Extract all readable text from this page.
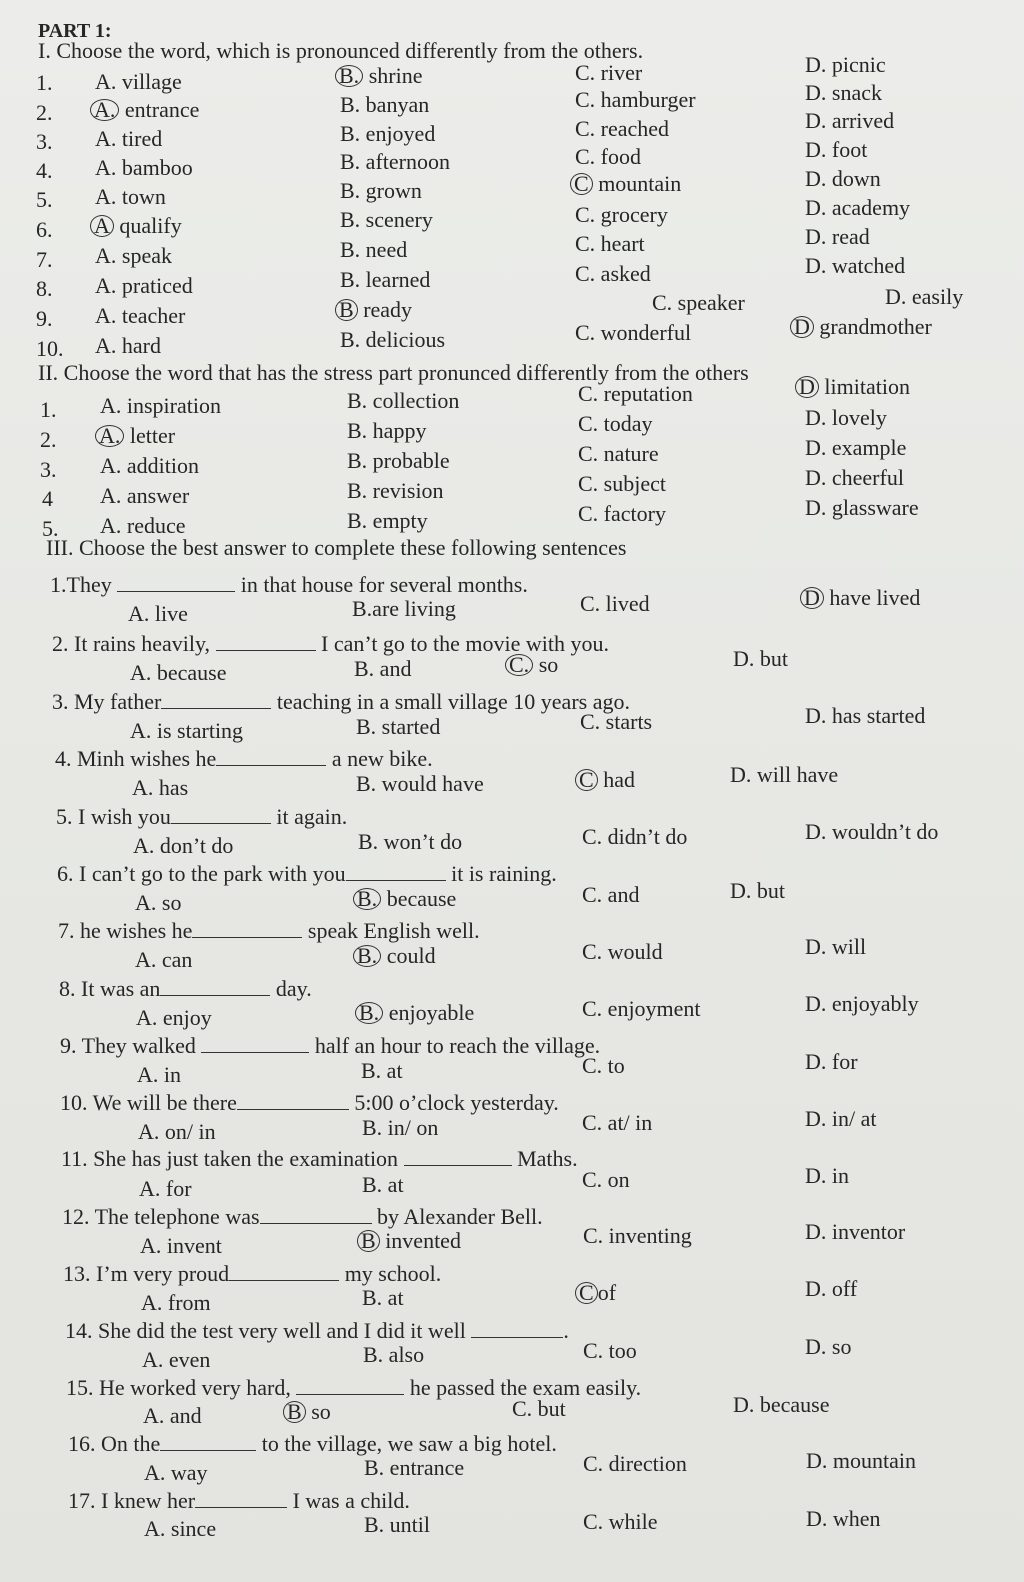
PART 1:
I. Choose the word, which is pronounced differently from the others.
1. A. village	B. shrine	C. river	D. picnic
2. A. entrance	B. banyan	C. hamburger	D. snack
3. A. tired	B. enjoyed	C. reached	D. arrived
4. A. bamboo	B. afternoon	C. food	D. foot
5. A. town	B. grown	C mountain	D. down
6. A qualify	B. scenery	C. grocery	D. academy
7. A. speak	B. need	C. heart	D. read
8. A. praticed	B. learned	C. asked	D. watched
9. A. teacher	B ready	C. speaker	D. easily
10. A. hard	B. delicious	C. wonderful	D grandmother
II. Choose the word that has the stress part pronunced differently from the others
1. A. inspiration	B. collection	C. reputation	D limitation
2. A. letter	B. happy	C. today	D. lovely
3. A. addition	B. probable	C. nature	D. example
4 A. answer	B. revision	C. subject	D. cheerful
5. A. reduce	B. empty	C. factory	D. glassware
III. Choose the best answer to complete these following sentences
1.They	in that house for several months.
A. live	B.are living	C. lived	D have lived
2. It rains heavily,	I can’t go to the movie with you.
A. because	B. and	C. so	D. but
3. My father	teaching in a small village 10 years ago.
A. is starting	B. started	C. starts	D. has started
4. Minh wishes he	a new bike.
A. has	B. would have	C had	D. will have
5. I wish you	it again.
A. don’t do	B. won’t do	C. didn’t do	D. wouldn’t do
6. I can’t go to the park with you	it is raining.
A. so	B. because	C. and	D. but
7. he wishes he	speak English well.
A. can	B. could	C. would	D. will
8. It was an	day.
A. enjoy	B. enjoyable	C. enjoyment	D. enjoyably
9. They walked	half an hour to reach the village.
A. in	B. at	C. to	D. for
10. We will be there	5:00 o’clock yesterday.
A. on/ in	B. in/ on	C. at/ in	D. in/ at
11. She has just taken the examination	Maths.
A. for	B. at	C. on	D. in
12. The telephone was	by Alexander Bell.
A. invent	B invented	C. inventing	D. inventor
13. I’m very proud	my school.
A. from	B. at	C of	D. off
14. She did the test very well and I did it well	.
A. even	B. also	C. too	D. so
15. He worked very hard,	he passed the exam easily.
A. and	B so	C. but	D. because
16. On the	to the village, we saw a big hotel.
A. way	B. entrance	C. direction	D. mountain
17. I knew her	I was a child.
A. since	B. until	C. while	D. when
